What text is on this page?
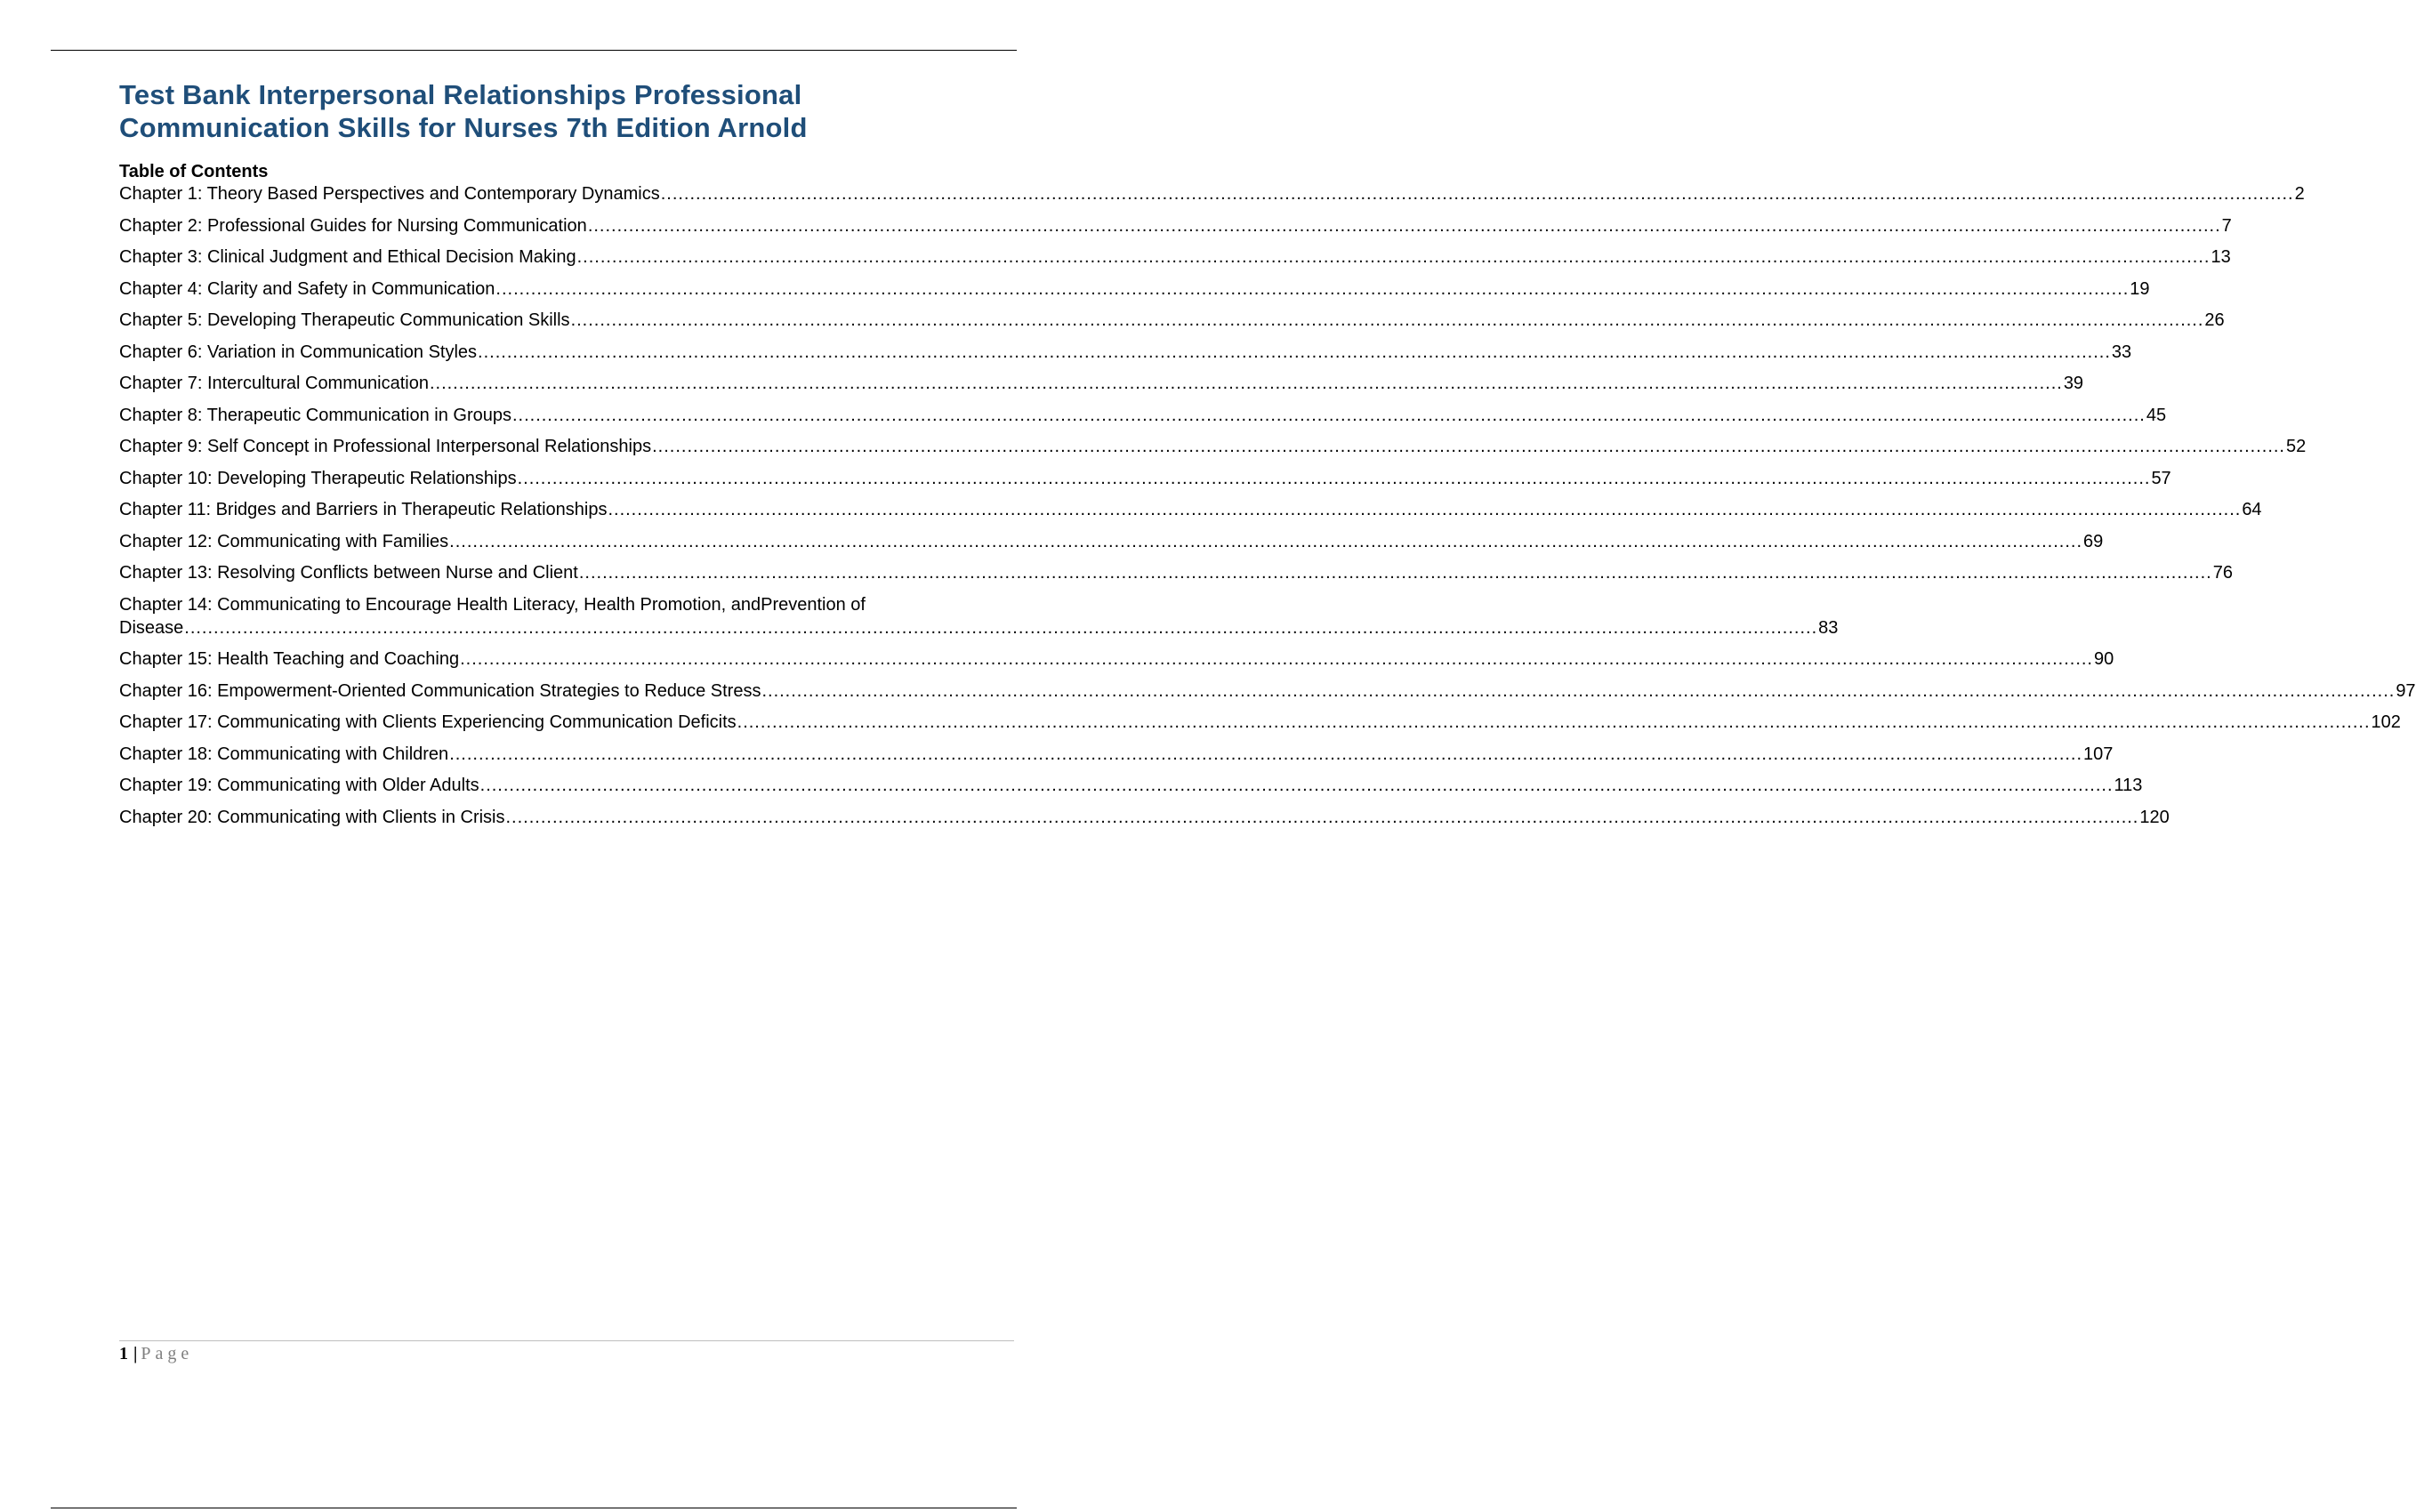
Test Bank Interpersonal Relationships Professional
Communication Skills for Nurses 7th Edition Arnold
Table of Contents
Chapter 1: Theory Based Perspectives and Contemporary Dynamics .....	2
Chapter 2: Professional Guides for Nursing Communication .....	7
Chapter 3: Clinical Judgment and Ethical Decision Making .....	13
Chapter 4: Clarity and Safety in Communication .....	19
Chapter 5: Developing Therapeutic Communication Skills .....	26
Chapter 6: Variation in Communication Styles .....	33
Chapter 7: Intercultural Communication .....	39
Chapter 8: Therapeutic Communication in Groups .....	45
Chapter 9: Self Concept in Professional Interpersonal Relationships .....	52
Chapter 10: Developing Therapeutic Relationships .....	57
Chapter 11: Bridges and Barriers in Therapeutic Relationships .....	64
Chapter 12: Communicating with Families .....	69
Chapter 13: Resolving Conflicts between Nurse and Client .....	76
Chapter 14: Communicating to Encourage Health Literacy, Health Promotion, andPrevention of
Disease .....	83
Chapter 15: Health Teaching and Coaching .....	90
Chapter 16: Empowerment-Oriented Communication Strategies to Reduce Stress .....	97
Chapter 17: Communicating with Clients Experiencing Communication Deficits .....	102
Chapter 18: Communicating with Children .....	107
Chapter 19: Communicating with Older Adults .....	113
Chapter 20: Communicating with Clients in Crisis .....	120
1 | Page
